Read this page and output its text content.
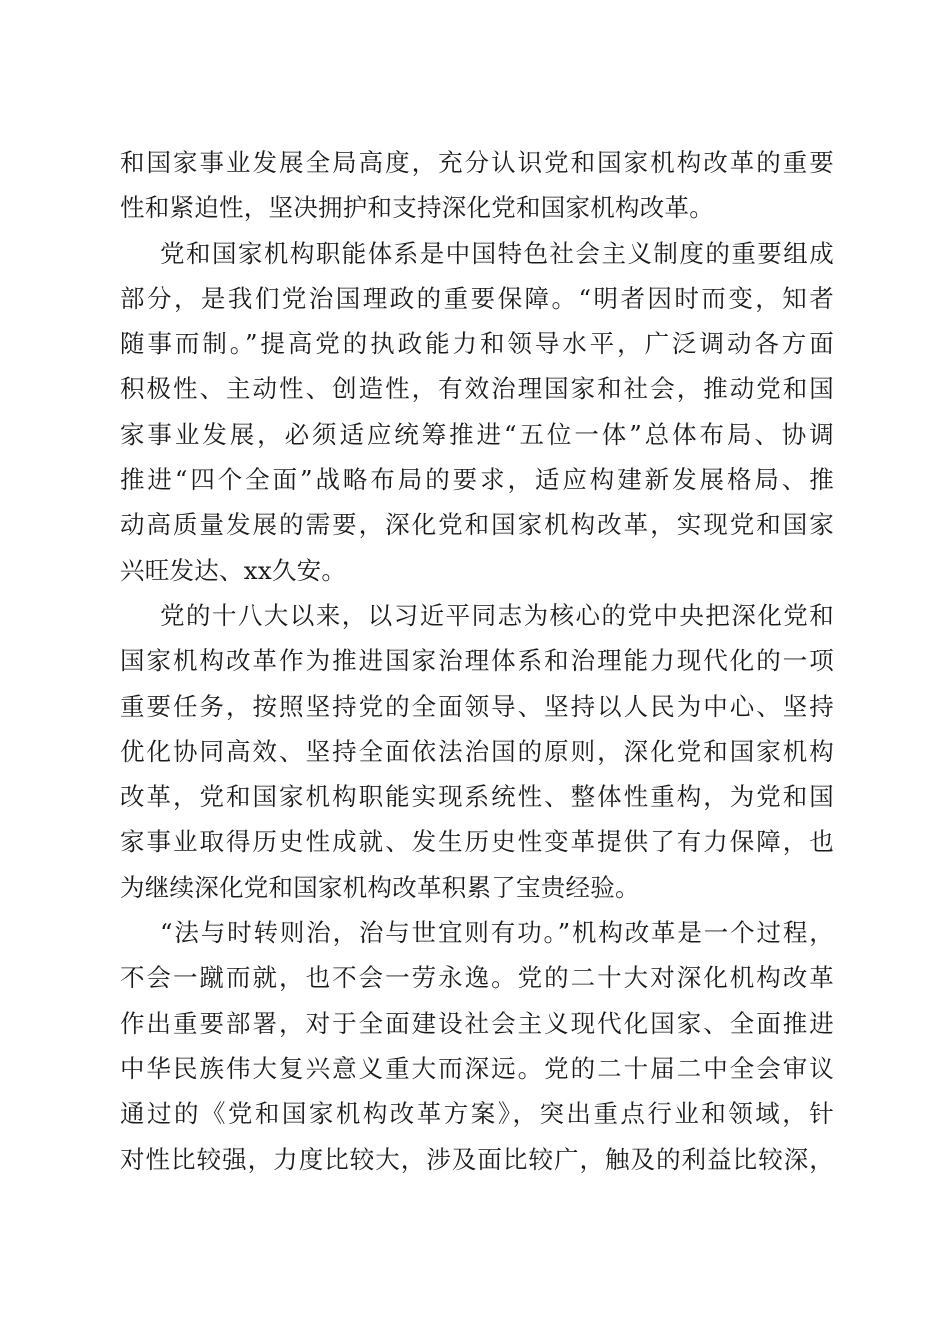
和国家事业发展全局高度，充分认识党和国家机构改革的重要
性和紧迫性，坚决拥护和支持深化党和国家机构改革。
党和国家机构职能体系是中国特色社会主义制度的重要组成
部分，是我们党治国理政的重要保障。“明者因时而变，知者
随事而制。”提高党的执政能力和领导水平，广泛调动各方面
积极性、主动性、创造性，有效治理国家和社会，推动党和国
家事业发展，必须适应统筹推进“五位一体”总体布局、协调
推进“四个全面”战略布局的要求，适应构建新发展格局、推
动高质量发展的需要，深化党和国家机构改革，实现党和国家
兴旺发达、xx久安。
党的十八大以来，以习近平同志为核心的党中央把深化党和
国家机构改革作为推进国家治理体系和治理能力现代化的一项
重要任务，按照坚持党的全面领导、坚持以人民为中心、坚持
优化协同高效、坚持全面依法治国的原则，深化党和国家机构
改革，党和国家机构职能实现系统性、整体性重构，为党和国
家事业取得历史性成就、发生历史性变革提供了有力保障，也
为继续深化党和国家机构改革积累了宝贵经验。
“法与时转则治，治与世宜则有功。”机构改革是一个过程，
不会一蹴而就，也不会一劳永逸。党的二十大对深化机构改革
作出重要部署，对于全面建设社会主义现代化国家、全面推进
中华民族伟大复兴意义重大而深远。党的二十届二中全会审议
通过的《党和国家机构改革方案》，突出重点行业和领域，针
对性比较强，力度比较大，涉及面比较广，触及的利益比较深，
